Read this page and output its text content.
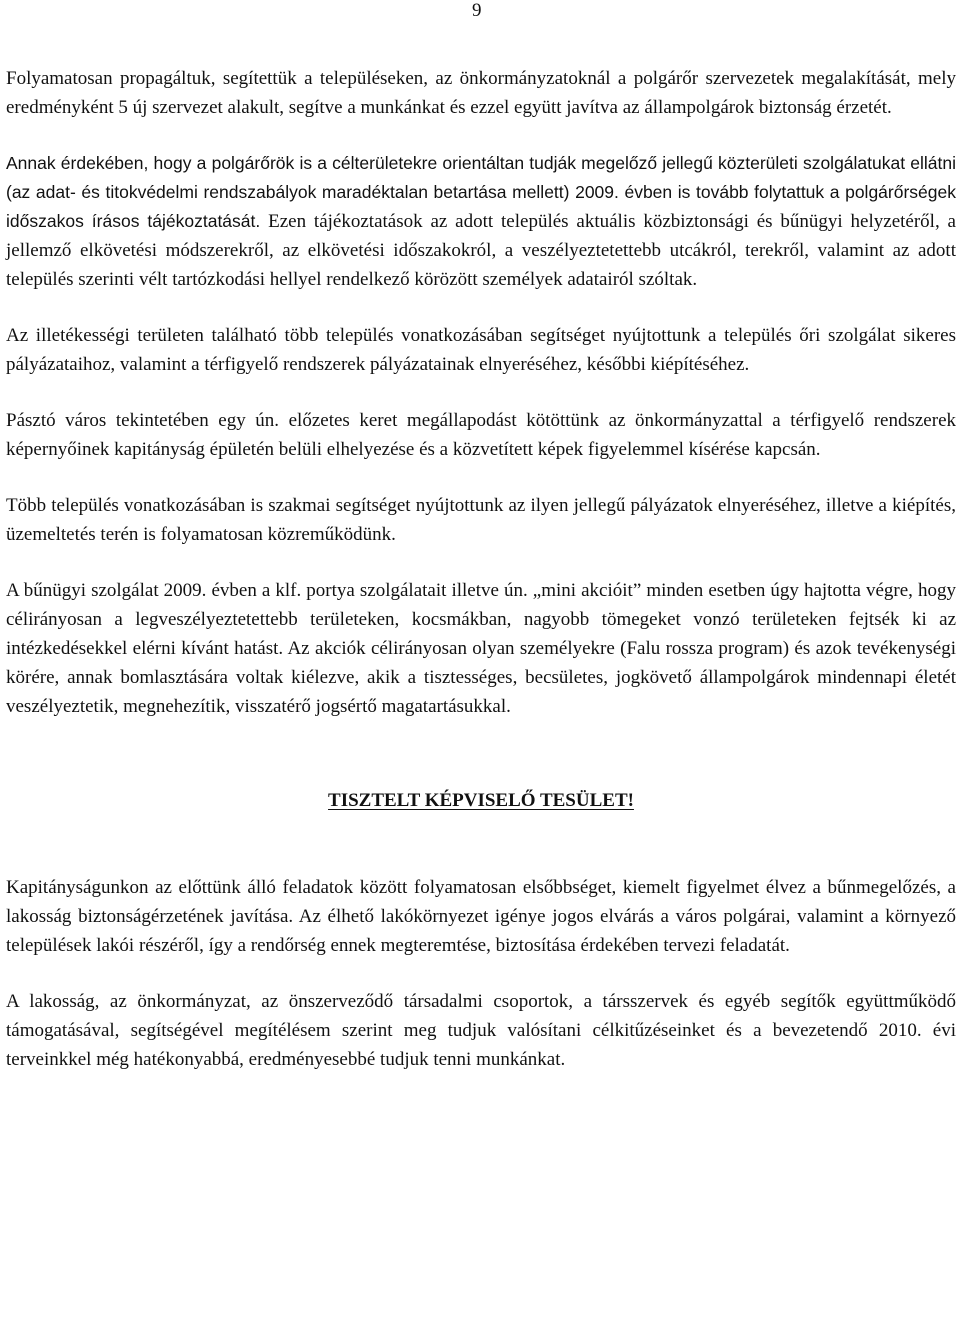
9

Folyamatosan propagáltuk, segítettük a településeken, az önkormányzatoknál a polgárőr szervezetek megalakítását, mely eredményként 5 új szervezet alakult, segítve a munkánkat és ezzel együtt javítva az állampolgárok biztonság érzetét.

Annak érdekében, hogy a polgárőrök is a célterületekre orientáltan tudják megelőző jellegű közterületi szolgálatukat ellátni (az adat- és titokvédelmi rendszabályok maradéktalan betartása mellett) 2009. évben is tovább folytattuk a polgárőrségek időszakos írásos tájékoztatását. Ezen tájékoztatások az adott település aktuális közbiztonsági és bűnügyi helyzetéről, a jellemző elkövetési módszerekről, az elkövetési időszakokról, a veszélyeztetettebb utcákról, terekről, valamint az adott település szerinti vélt tartózkodási hellyel rendelkező körözött személyek adatairól szóltak.

Az illetékességi területen található több település vonatkozásában segítséget nyújtottunk a település őri szolgálat sikeres pályázataihoz, valamint a térfigyelő rendszerek pályázatainak elnyeréséhez, későbbi kiépítéséhez.

Pásztó város tekintetében egy ún. előzetes keret megállapodást kötöttünk az önkormányzattal a térfigyelő rendszerek képernyőinek kapitányság épületén belüli elhelyezése és a közvetített képek figyelemmel kísérése kapcsán.

Több település vonatkozásában is szakmai segítséget nyújtottunk az ilyen jellegű pályázatok elnyeréséhez, illetve a kiépítés, üzemeltetés terén is folyamatosan közreműködünk.

A bűnügyi szolgálat 2009. évben a klf. portya szolgálatait illetve ún. „mini akcióit” minden esetben úgy hajtotta végre, hogy célirányosan a legveszélyeztetettebb területeken, kocsmákban, nagyobb tömegeket vonzó területeken fejtsék ki az intézkedésekkel elérni kívánt hatást. Az akciók célirányosan olyan személyekre (Falu rossza program) és azok tevékenységi körére, annak bomlasztására voltak kiélezve, akik a tisztességes, becsületes, jogkövető állampolgárok mindennapi életét veszélyeztetik, megnehezítik, visszatérő jogsértő magatartásukkal.

TISZTELT KÉPVISELŐ TESÜLET!

Kapitányságunkon az előttünk álló feladatok között folyamatosan elsőbbséget, kiemelt figyelmet élvez a bűnmegelőzés, a lakosság biztonságérzetének javítása. Az élhető lakókörnyezet igénye jogos elvárás a város polgárai, valamint a környező települések lakói részéről, így a rendőrség ennek megteremtése, biztosítása érdekében tervezi feladatát.

A lakosság, az önkormányzat, az önszerveződő társadalmi csoportok, a társszervek és egyéb segítők együttműködő támogatásával, segítségével megítélésem szerint meg tudjuk valósítani célkitűzéseinket és a bevezetendő 2010. évi terveinkkel még hatékonyabbá, eredményesebbé tudjuk tenni munkánkat.
